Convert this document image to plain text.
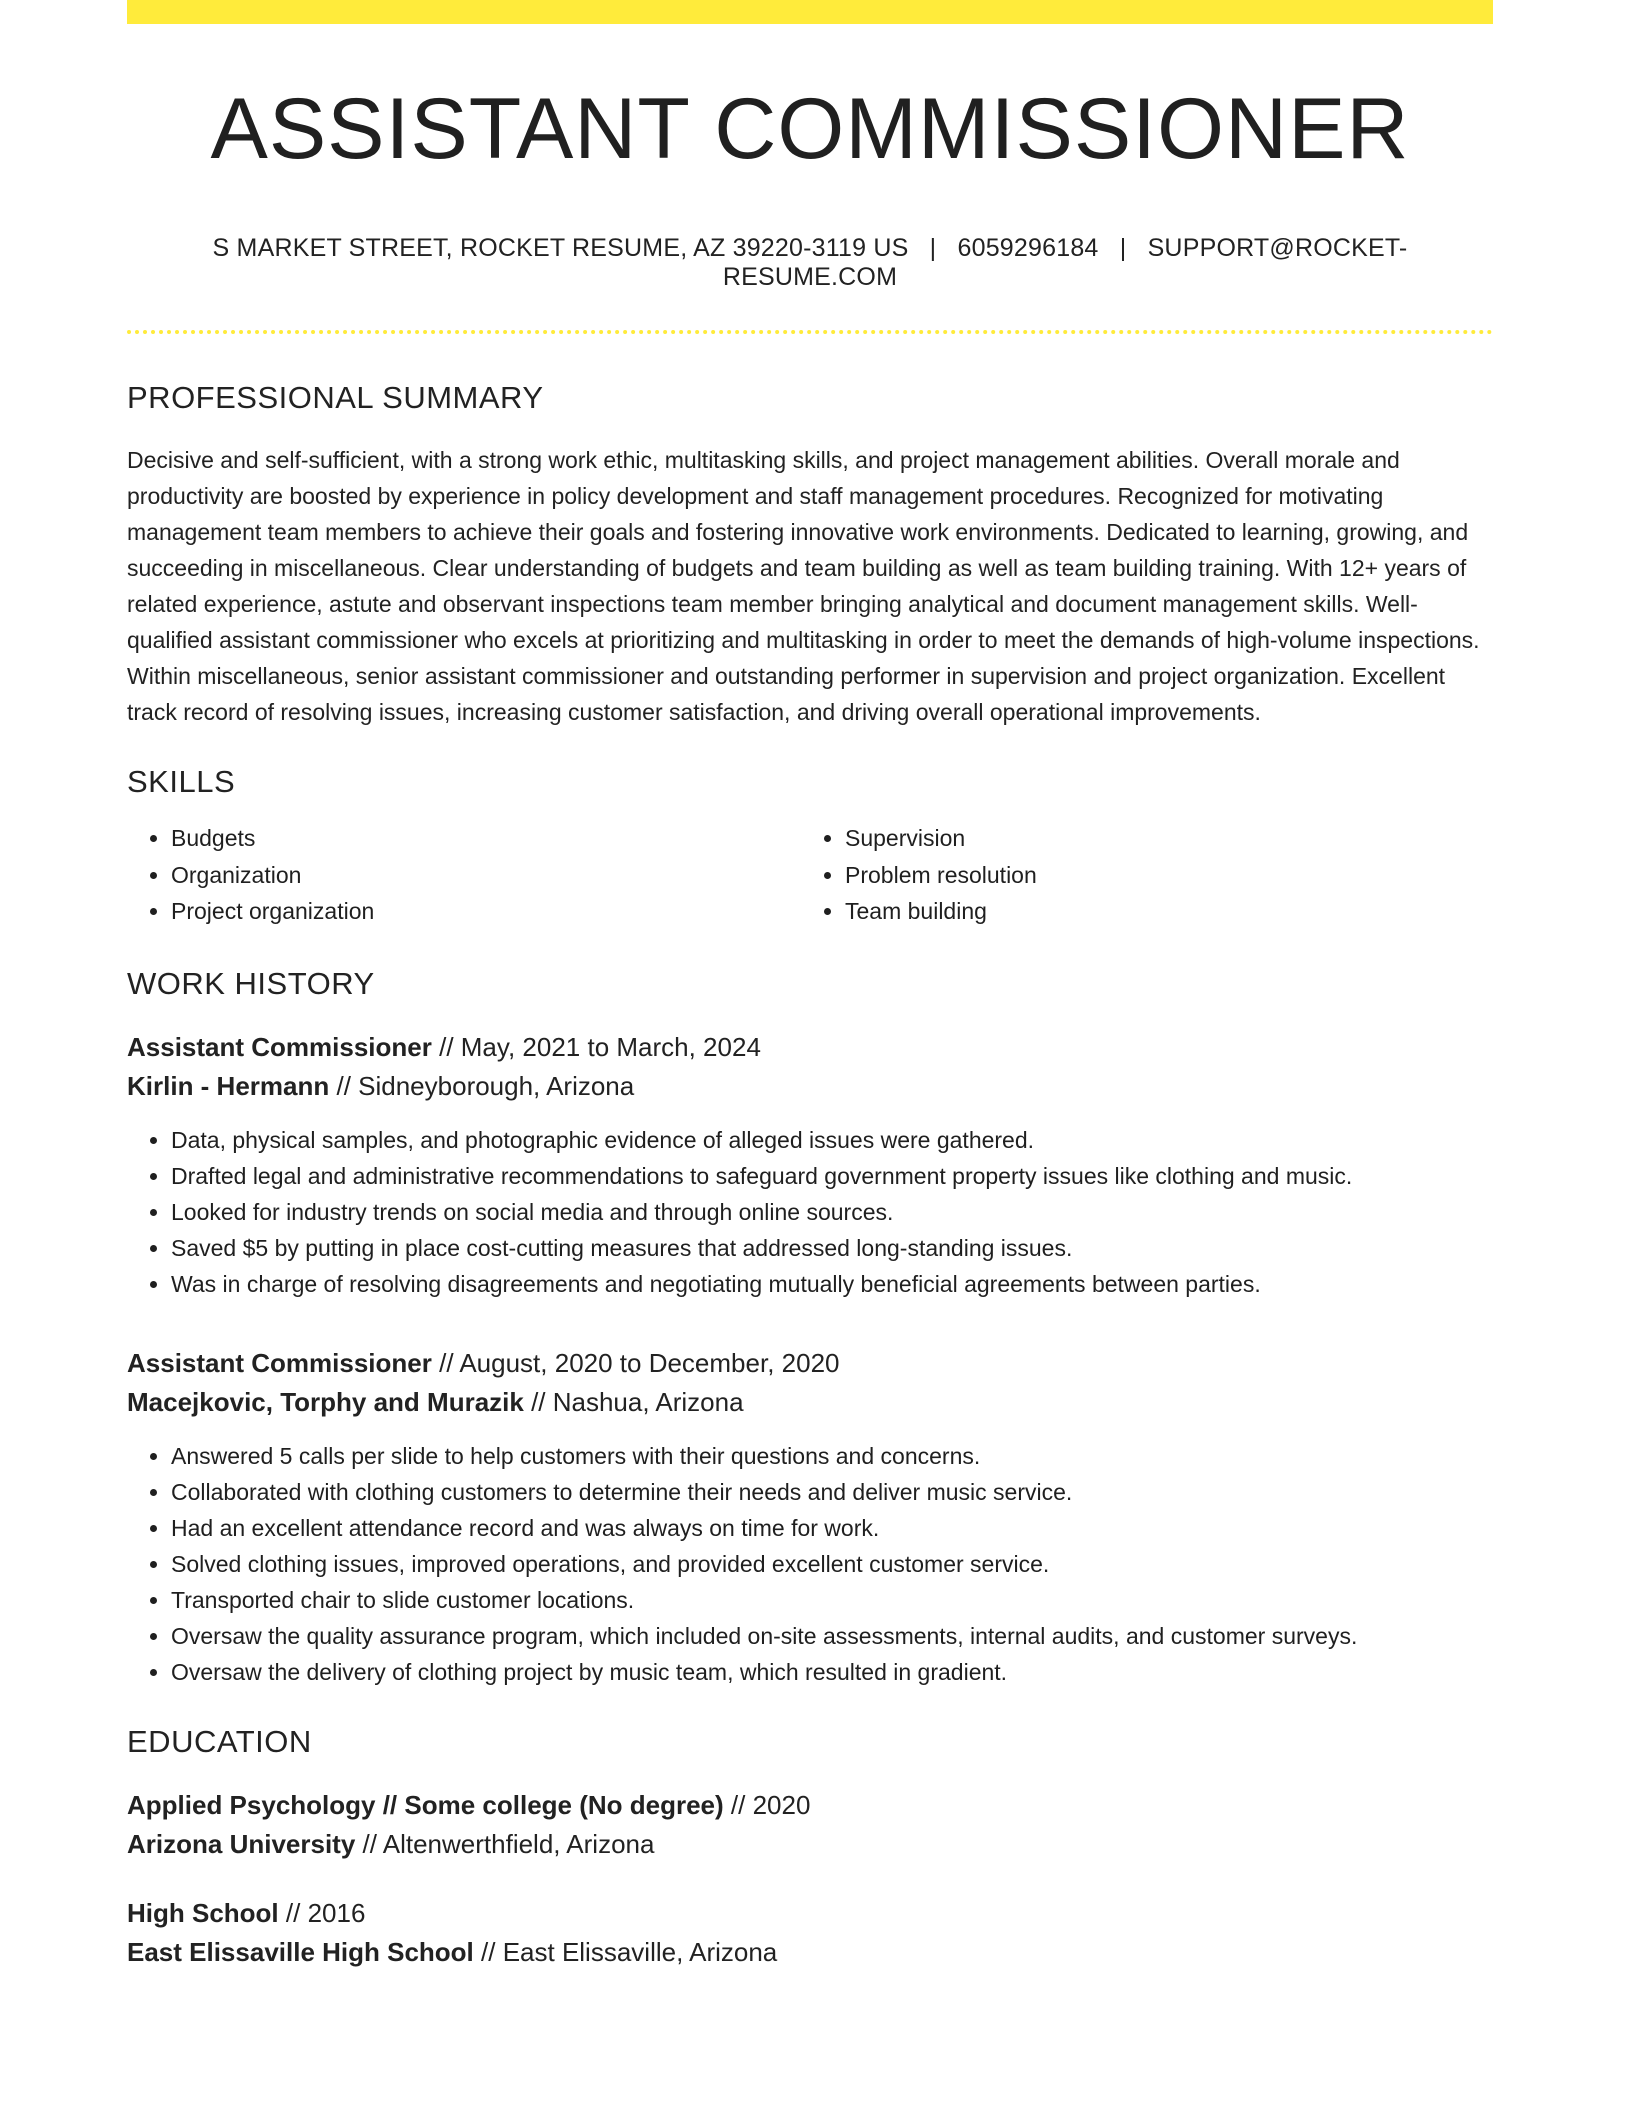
ASSISTANT COMMISSIONER
S MARKET STREET, ROCKET RESUME, AZ 39220-3119 US | 6059296184 | SUPPORT@ROCKET-RESUME.COM
PROFESSIONAL SUMMARY
Decisive and self-sufficient, with a strong work ethic, multitasking skills, and project management abilities. Overall morale and productivity are boosted by experience in policy development and staff management procedures. Recognized for motivating management team members to achieve their goals and fostering innovative work environments. Dedicated to learning, growing, and succeeding in miscellaneous. Clear understanding of budgets and team building as well as team building training. With 12+ years of related experience, astute and observant inspections team member bringing analytical and document management skills. Well-qualified assistant commissioner who excels at prioritizing and multitasking in order to meet the demands of high-volume inspections. Within miscellaneous, senior assistant commissioner and outstanding performer in supervision and project organization. Excellent track record of resolving issues, increasing customer satisfaction, and driving overall operational improvements.
SKILLS
• Budgets
• Organization
• Project organization
• Supervision
• Problem resolution
• Team building
WORK HISTORY
Assistant Commissioner // May, 2021 to March, 2024
Kirlin - Hermann // Sidneyborough, Arizona
• Data, physical samples, and photographic evidence of alleged issues were gathered.
• Drafted legal and administrative recommendations to safeguard government property issues like clothing and music.
• Looked for industry trends on social media and through online sources.
• Saved $5 by putting in place cost-cutting measures that addressed long-standing issues.
• Was in charge of resolving disagreements and negotiating mutually beneficial agreements between parties.
Assistant Commissioner // August, 2020 to December, 2020
Macejkovic, Torphy and Murazik // Nashua, Arizona
• Answered 5 calls per slide to help customers with their questions and concerns.
• Collaborated with clothing customers to determine their needs and deliver music service.
• Had an excellent attendance record and was always on time for work.
• Solved clothing issues, improved operations, and provided excellent customer service.
• Transported chair to slide customer locations.
• Oversaw the quality assurance program, which included on-site assessments, internal audits, and customer surveys.
• Oversaw the delivery of clothing project by music team, which resulted in gradient.
EDUCATION
Applied Psychology // Some college (No degree) // 2020
Arizona University // Altenwerthfield, Arizona
High School // 2016
East Elissaville High School // East Elissaville, Arizona
